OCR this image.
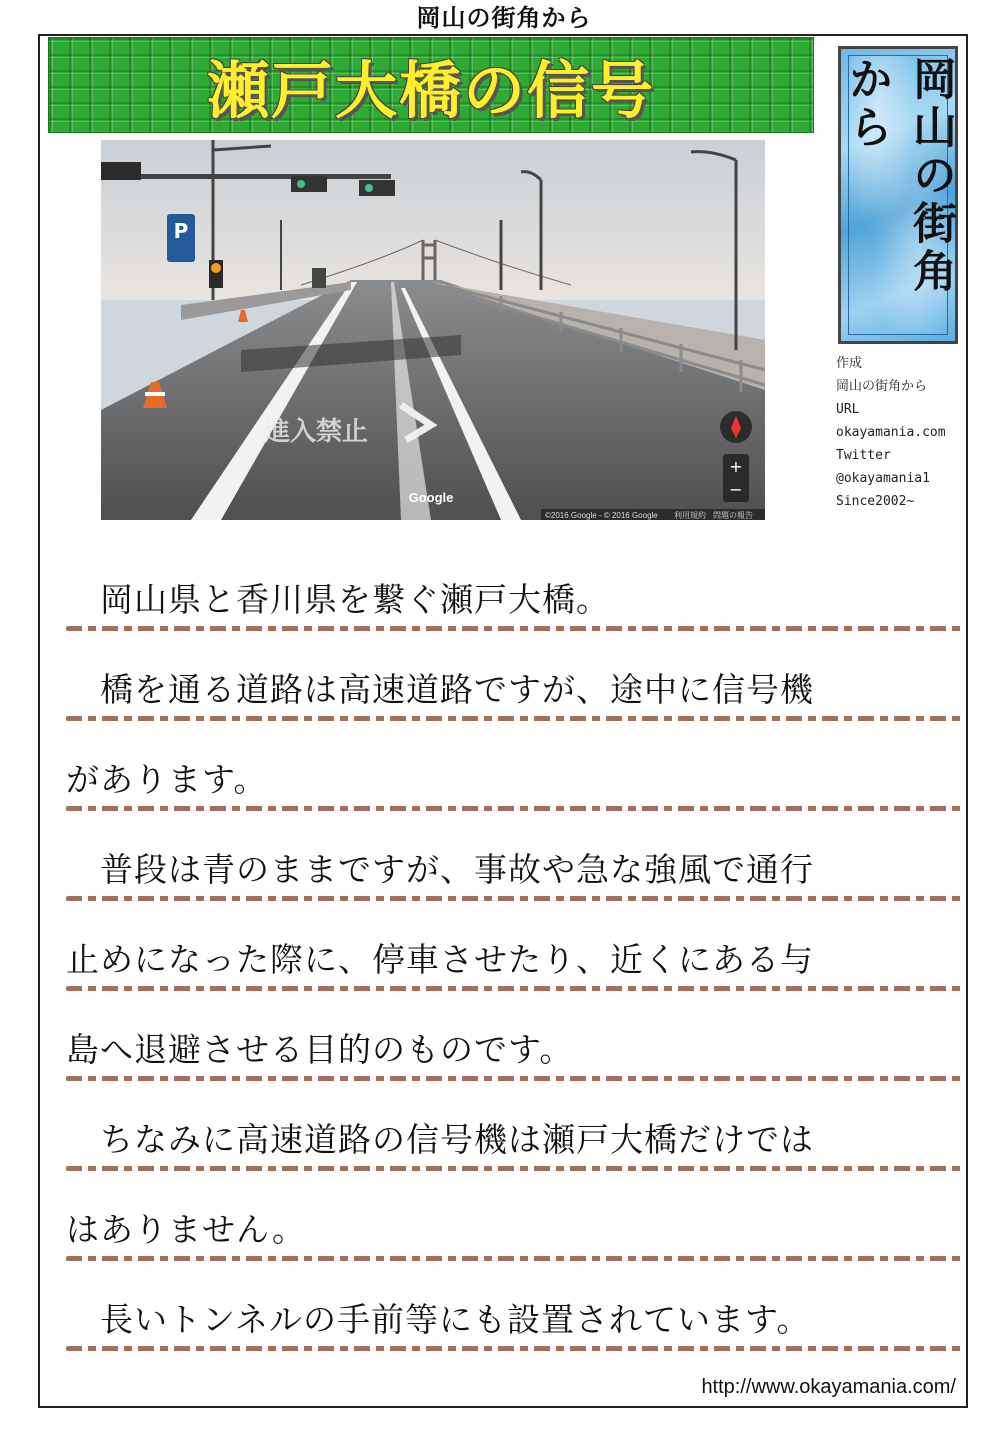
岡山の街角から
瀬戸大橋の信号
P
進入禁止
+
−
Google
©2016 Google - © 2016 Google 利用規約 問題の報告
岡山の街角から
作成
岡山の街角から
URL
okayamania.com
Twitter
@okayamania1
Since2002~
　岡山県と香川県を繋ぐ瀬戸大橋。
　橋を通る道路は高速道路ですが、途中に信号機
があります。
　普段は青のままですが、事故や急な強風で通行
止めになった際に、停車させたり、近くにある与
島へ退避させる目的のものです。
　ちなみに高速道路の信号機は瀬戸大橋だけでは
はありません。
　長いトンネルの手前等にも設置されています。
http://www.okayamania.com/
